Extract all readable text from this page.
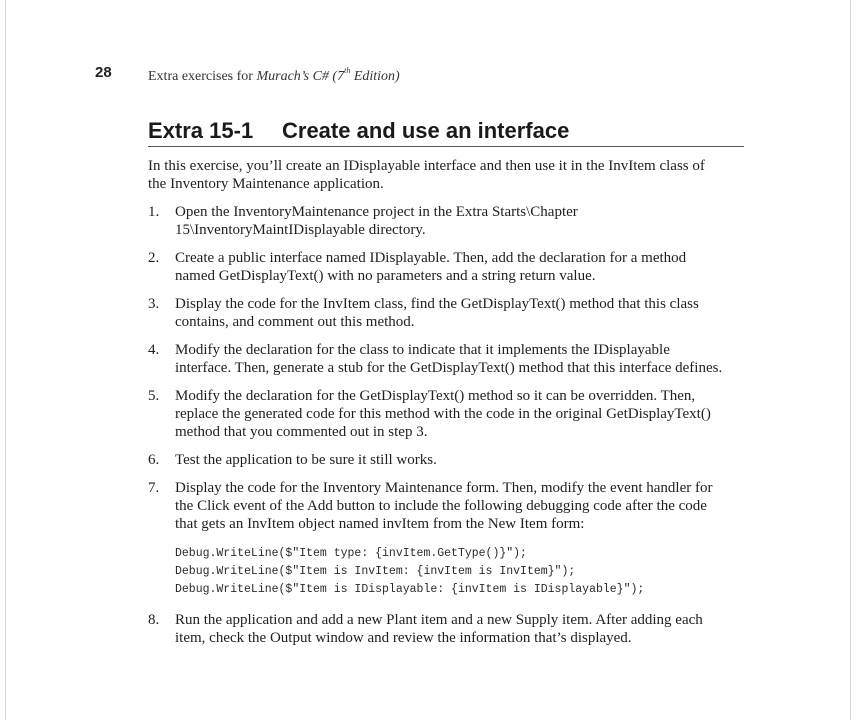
28	Extra exercises for Murach’s C# (7th Edition)
Extra 15-1 Create and use an interface

In this exercise, you’ll create an IDisplayable interface and then use it in the InvItem class of the Inventory Maintenance application.

1. Open the InventoryMaintenance project in the Extra Starts\Chapter 15\InventoryMaintIDisplayable directory.
2. Create a public interface named IDisplayable. Then, add the declaration for a method named GetDisplayText() with no parameters and a string return value.
3. Display the code for the InvItem class, find the GetDisplayText() method that this class contains, and comment out this method.
4. Modify the declaration for the class to indicate that it implements the IDisplayable interface. Then, generate a stub for the GetDisplayText() method that this interface defines.
5. Modify the declaration for the GetDisplayText() method so it can be overridden. Then, replace the generated code for this method with the code in the original GetDisplayText() method that you commented out in step 3.
6. Test the application to be sure it still works.
7. Display the code for the Inventory Maintenance form. Then, modify the event handler for the Click event of the Add button to include the following debugging code after the code that gets an InvItem object named invItem from the New Item form:
Debug.WriteLine($"Item type: {invItem.GetType()}");
Debug.WriteLine($"Item is InvItem: {invItem is InvItem}");
Debug.WriteLine($"Item is IDisplayable: {invItem is IDisplayable}");
8. Run the application and add a new Plant item and a new Supply item. After adding each item, check the Output window and review the information that’s displayed.
